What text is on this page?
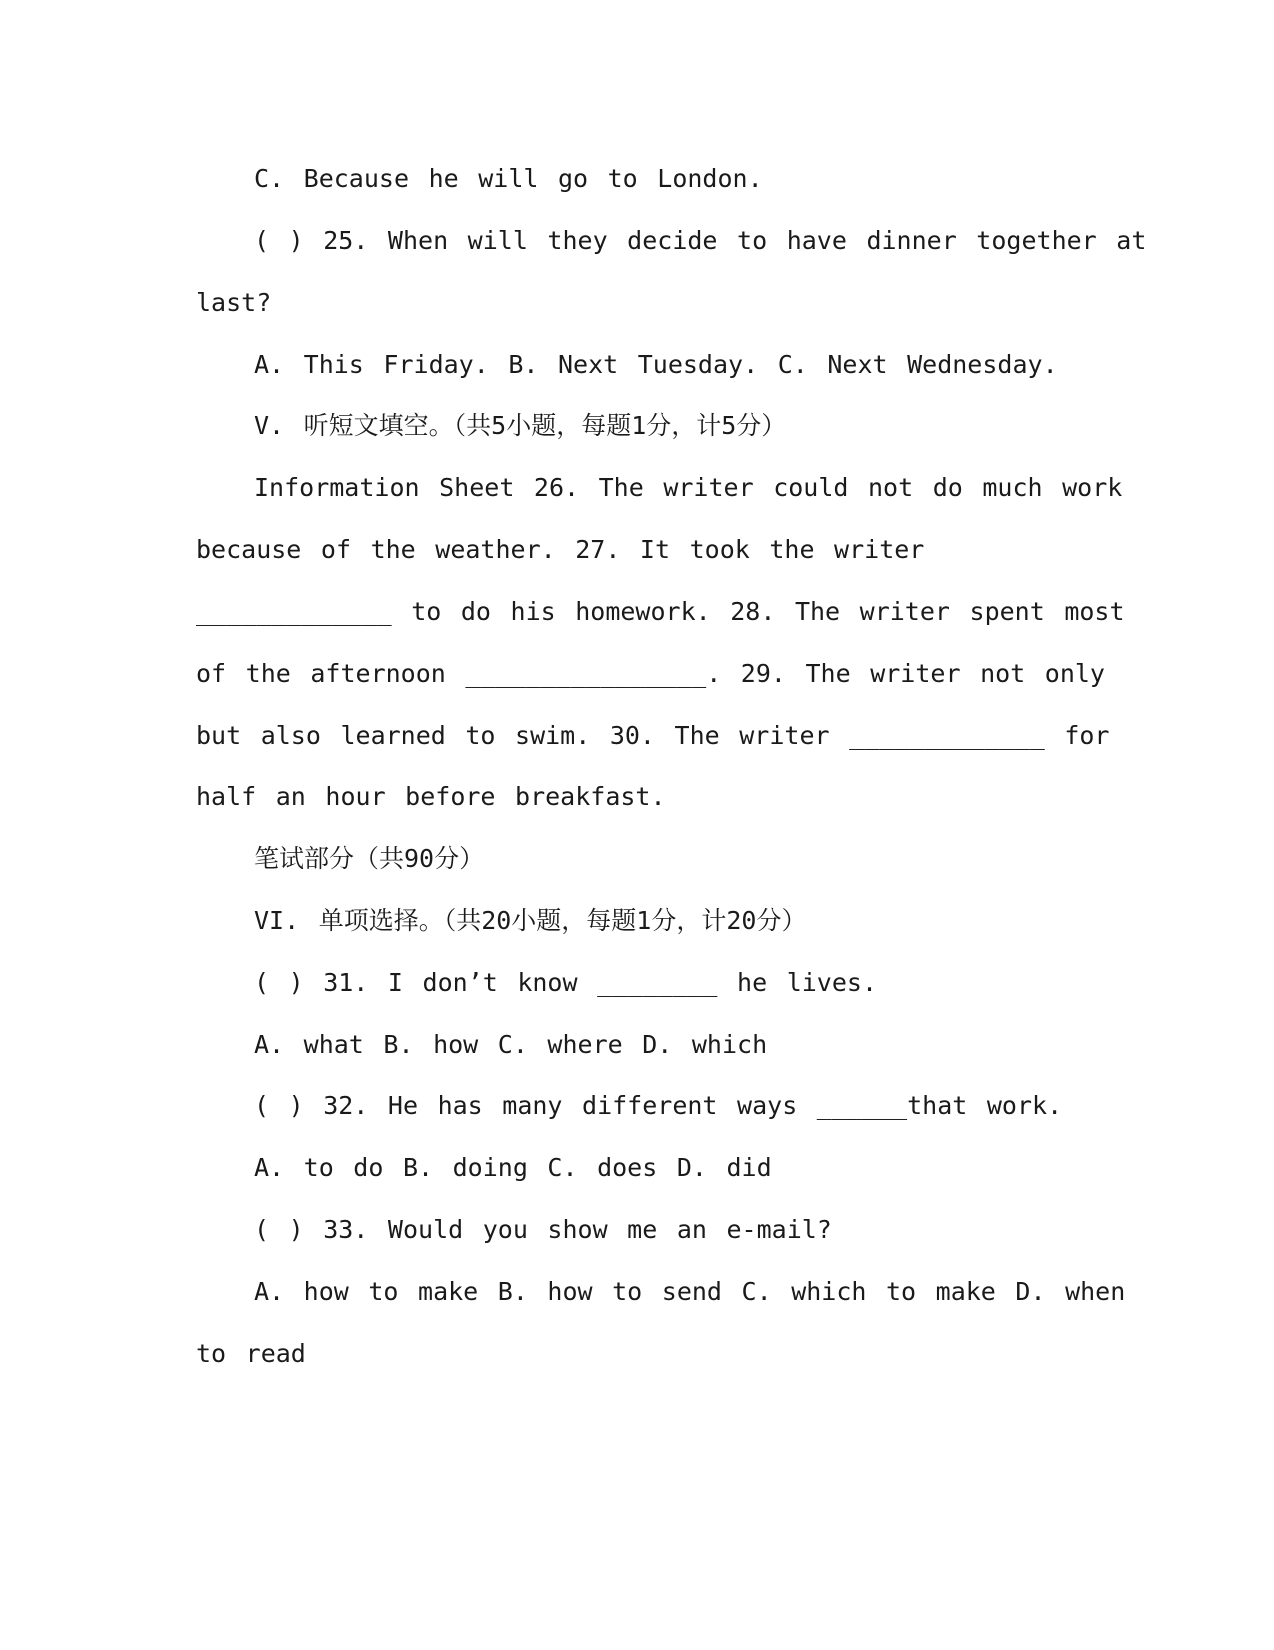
C. Because he will go to London.
( ) 25. When will they decide to have dinner together at
last?
A. This Friday. B. Next Tuesday. C. Next Wednesday.
V. 听短文填空。（共5小题，每题1分，计5分）
Information Sheet 26. The writer could not do much work
because of the weather. 27. It took the writer
_____________ to do his homework. 28. The writer spent most
of the afternoon ________________. 29. The writer not only
but also learned to swim. 30. The writer _____________ for
half an hour before breakfast.
笔试部分（共90分）
VI. 单项选择。（共20小题，每题1分，计20分）
( ) 31. I don’t know ________ he lives.
A. what B. how C. where D. which
( ) 32. He has many different ways ______that work.
A. to do B. doing C. does D. did
( ) 33. Would you show me an e-mail?
A. how to make B. how to send C. which to make D. when
to read
